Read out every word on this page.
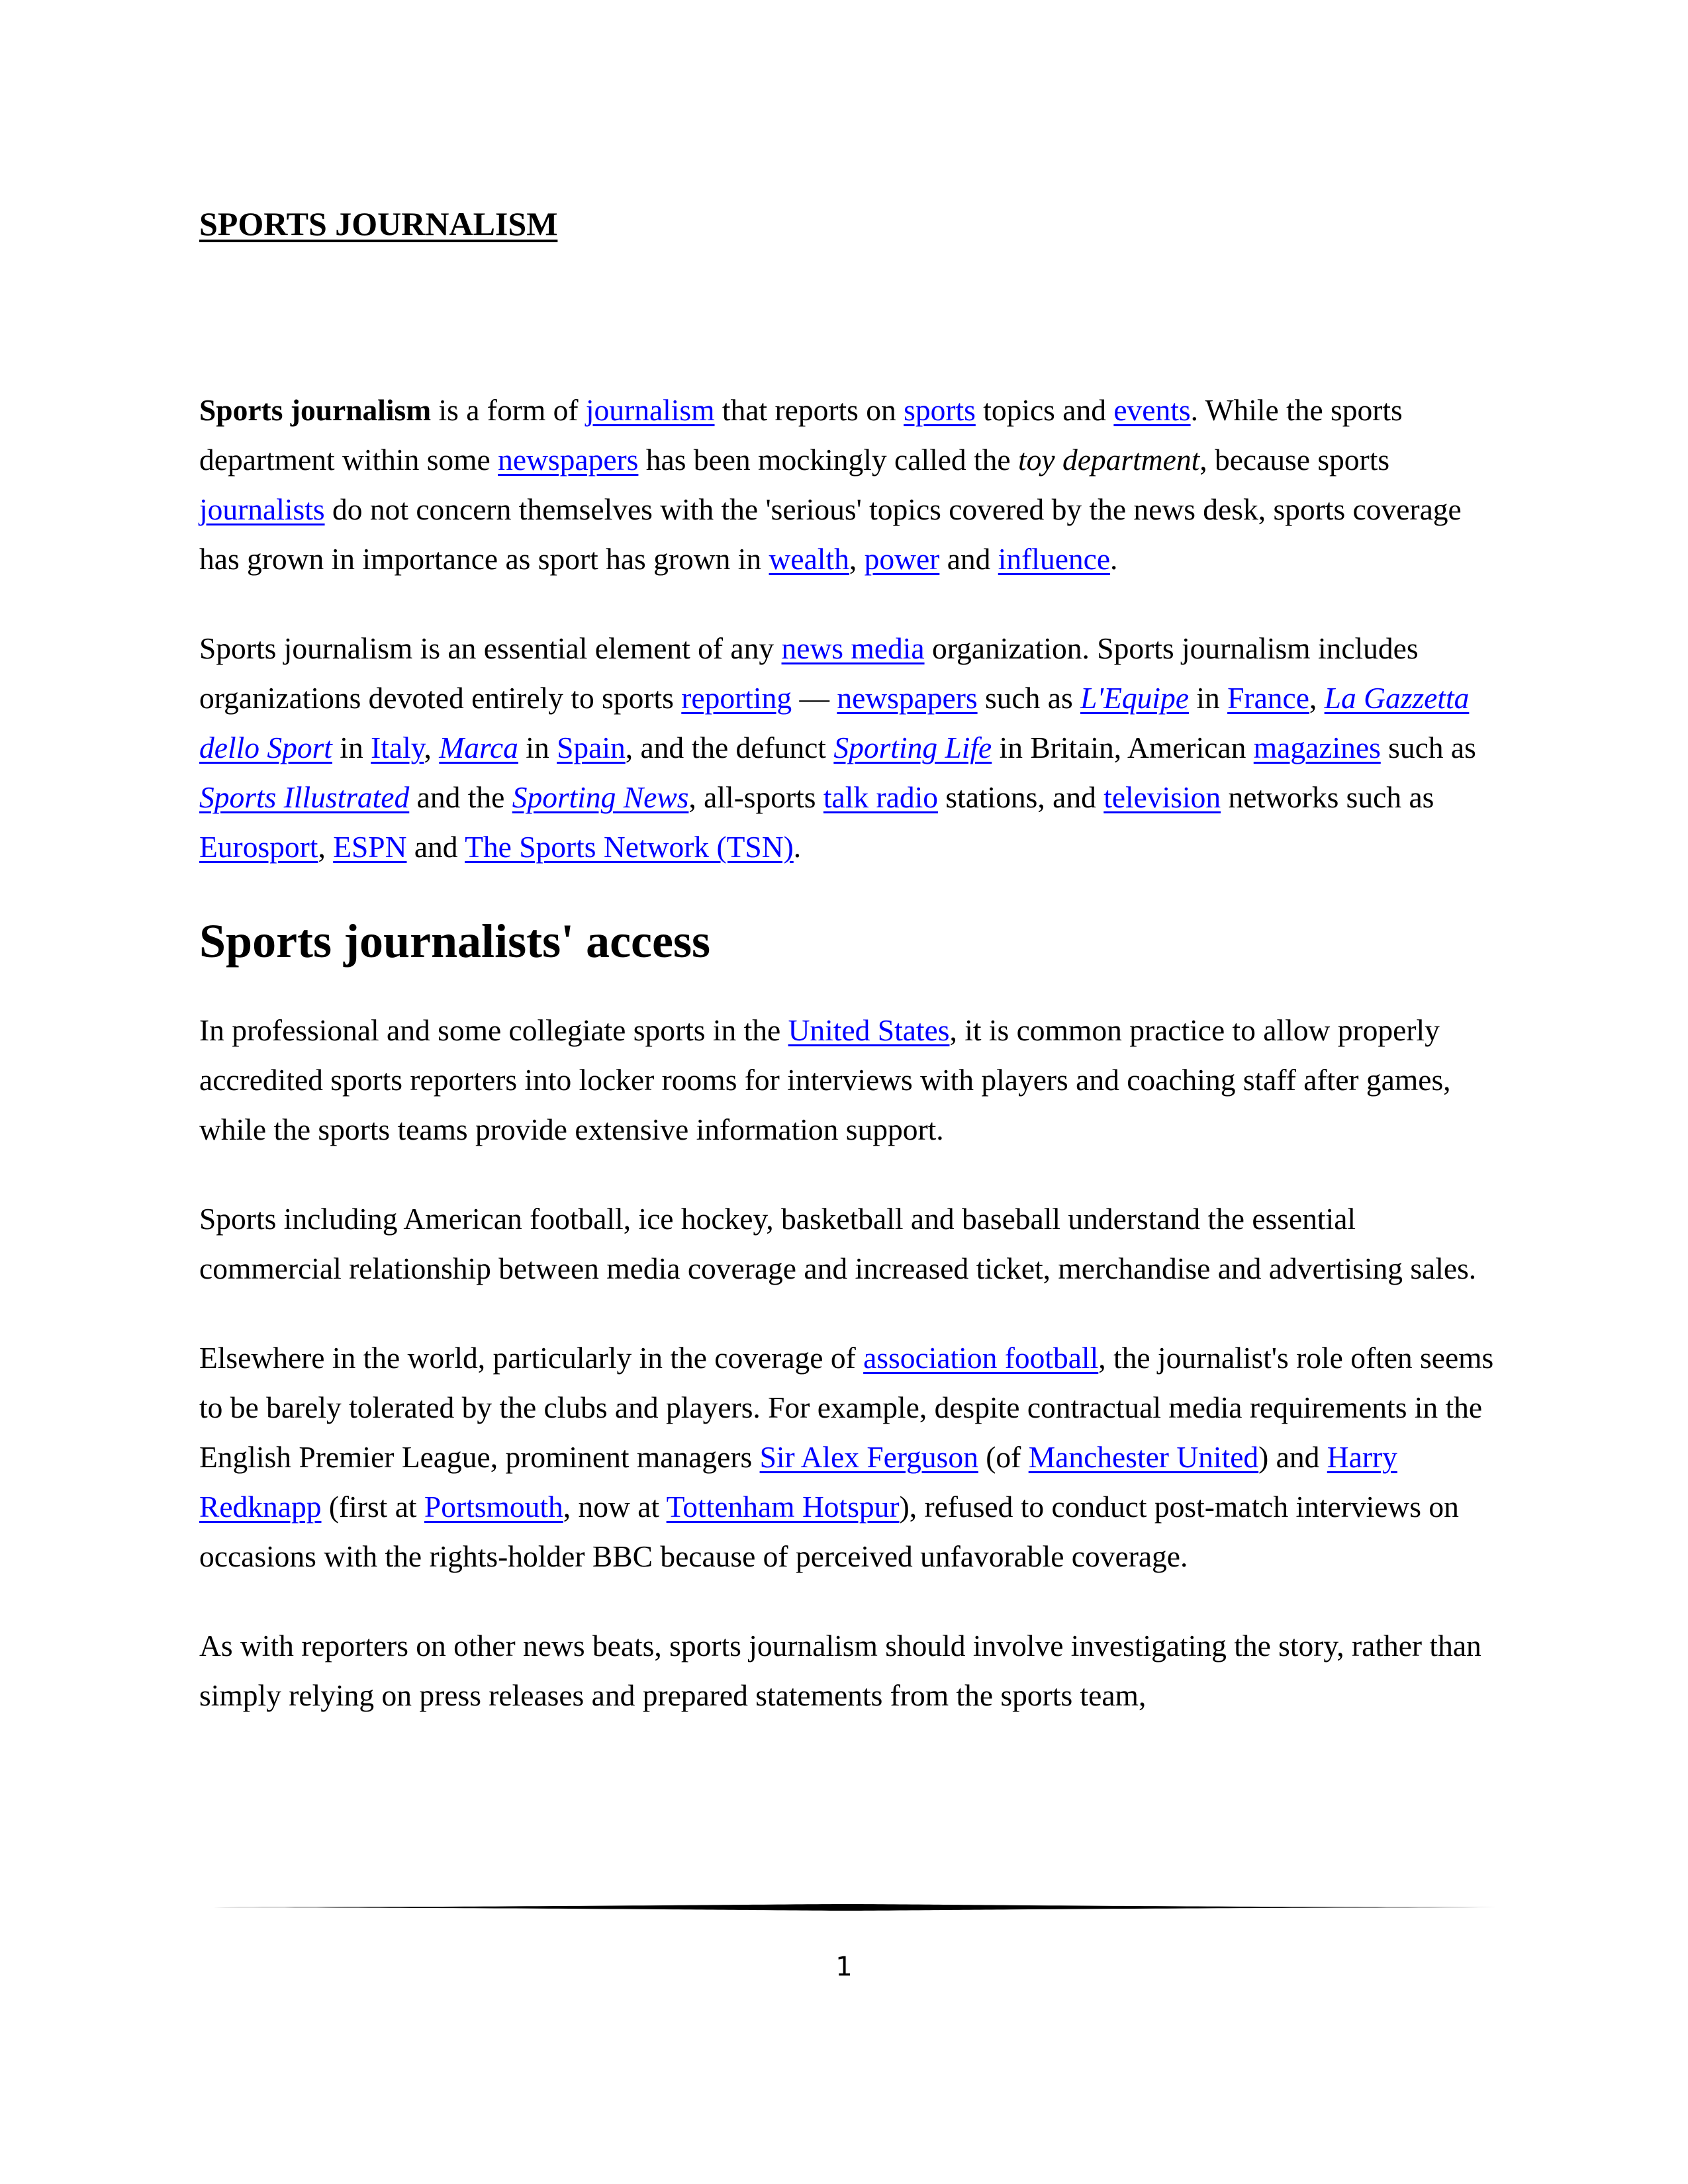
SPORTS JOURNALISM

Sports journalism is a form of journalism that reports on sports topics and events. While the sports department within some newspapers has been mockingly called the toy department, because sports journalists do not concern themselves with the 'serious' topics covered by the news desk, sports coverage has grown in importance as sport has grown in wealth, power and influence.

Sports journalism is an essential element of any news media organization. Sports journalism includes organizations devoted entirely to sports reporting — newspapers such as L'Equipe in France, La Gazzetta dello Sport in Italy, Marca in Spain, and the defunct Sporting Life in Britain, American magazines such as Sports Illustrated and the Sporting News, all-sports talk radio stations, and television networks such as Eurosport, ESPN and The Sports Network (TSN).

Sports journalists' access

In professional and some collegiate sports in the United States, it is common practice to allow properly accredited sports reporters into locker rooms for interviews with players and coaching staff after games, while the sports teams provide extensive information support.

Sports including American football, ice hockey, basketball and baseball understand the essential commercial relationship between media coverage and increased ticket, merchandise and advertising sales.

Elsewhere in the world, particularly in the coverage of association football, the journalist's role often seems to be barely tolerated by the clubs and players. For example, despite contractual media requirements in the English Premier League, prominent managers Sir Alex Ferguson (of Manchester United) and Harry Redknapp (first at Portsmouth, now at Tottenham Hotspur), refused to conduct post-match interviews on occasions with the rights-holder BBC because of perceived unfavorable coverage.

As with reporters on other news beats, sports journalism should involve investigating the story, rather than simply relying on press releases and prepared statements from the sports team,

1
